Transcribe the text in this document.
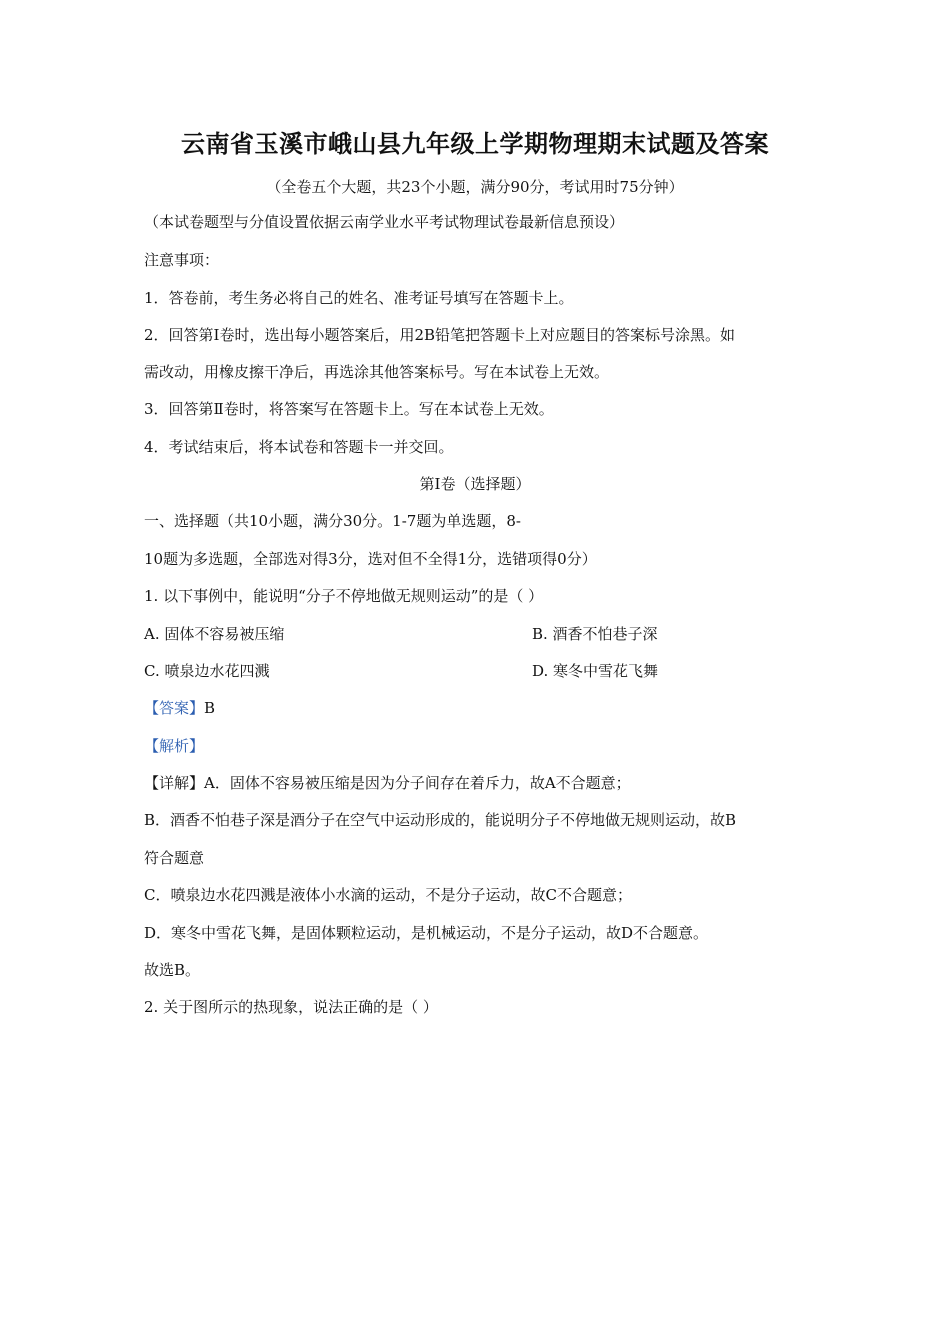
云南省玉溪市峨山县九年级上学期物理期末试题及答案
（全卷五个大题，共23个小题，满分90分，考试用时75分钟）
（本试卷题型与分值设置依据云南学业水平考试物理试卷最新信息预设）
注意事项：
1．答卷前，考生务必将自己的姓名、准考证号填写在答题卡上。
2．回答第Ⅰ卷时，选出每小题答案后，用2B铅笔把答题卡上对应题目的答案标号涂黑。如
需改动，用橡皮擦干净后，再选涂其他答案标号。写在本试卷上无效。
3．回答第Ⅱ卷时，将答案写在答题卡上。写在本试卷上无效。
4．考试结束后，将本试卷和答题卡一并交回。
第Ⅰ卷（选择题）
一、选择题（共10小题，满分30分。1-7题为单选题，8-
10题为多选题，全部选对得3分，选对但不全得1分，选错项得0分）
1. 以下事例中，能说明“分子不停地做无规则运动”的是（ ）
A. 固体不容易被压缩	B. 酒香不怕巷子深
C. 喷泉边水花四溅	D. 寒冬中雪花飞舞
【答案】B
【解析】
【详解】A．固体不容易被压缩是因为分子间存在着斥力，故A不合题意；
B．酒香不怕巷子深是酒分子在空气中运动形成的，能说明分子不停地做无规则运动，故B
符合题意
C．喷泉边水花四溅是液体小水滴的运动，不是分子运动，故C不合题意；
D．寒冬中雪花飞舞，是固体颗粒运动，是机械运动，不是分子运动，故D不合题意。
故选B。
2. 关于图所示的热现象，说法正确的是（ ）
